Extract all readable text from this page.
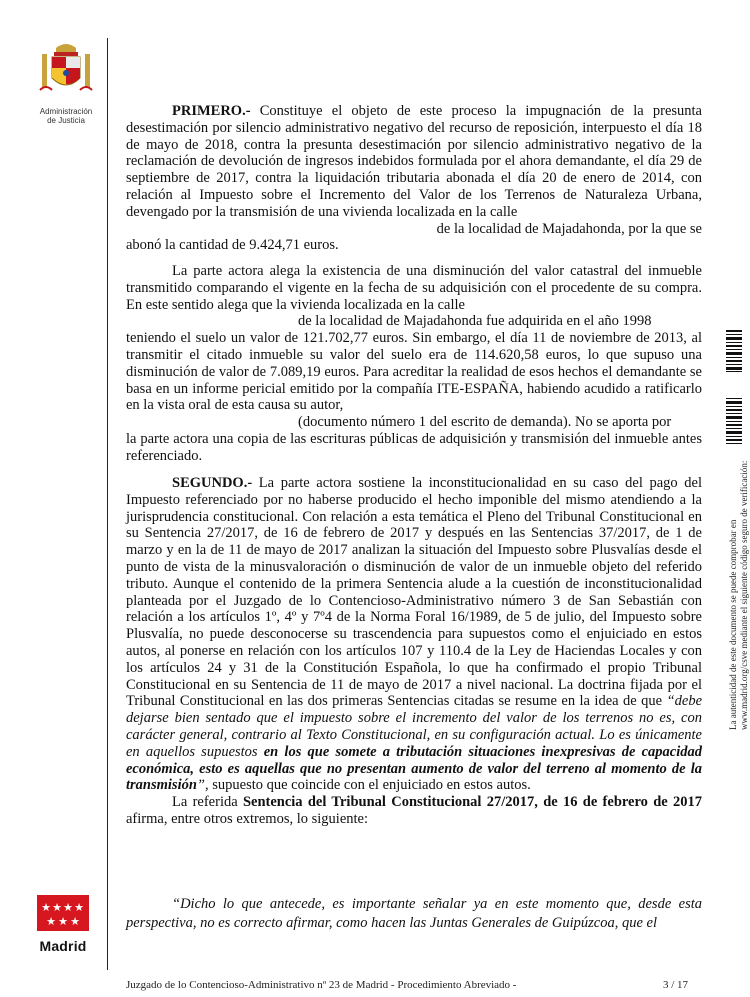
Administración
de Justicia
★ ★ ★ ★
★ ★ ★
Madrid

PRIMERO.- Constituye el objeto de este proceso la impugnación de la presunta desestimación por silencio administrativo negativo del recurso de reposición, interpuesto el día 18 de mayo de 2018, contra la presunta desestimación por silencio administrativo negativo de la reclamación de devolución de ingresos indebidos formulada por el ahora demandante, el día 29 de septiembre de 2017, contra la liquidación tributaria abonada el día 20 de enero de 2014, con relación al Impuesto sobre el Incremento del Valor de los Terrenos de Naturaleza Urbana, devengado por la transmisión de una vivienda localizada en la calle

de la localidad de Majadahonda, por la que se

abonó la cantidad de 9.424,71 euros.

La parte actora alega la existencia de una disminución del valor catastral del inmueble transmitido comparando el vigente en la fecha de su adquisición con el procedente de su compra. En este sentido alega que la vivienda localizada en la calle

de la localidad de Majadahonda fue adquirida en el año 1998

teniendo el suelo un valor de 121.702,77 euros. Sin embargo, el día 11 de noviembre de 2013, al transmitir el citado inmueble su valor del suelo era de 114.620,58 euros, lo que supuso una disminución de valor de 7.089,19 euros. Para acreditar la realidad de esos hechos el demandante se basa en un informe pericial emitido por la compañía ITE-ESPAÑA, habiendo acudido a ratificarlo en la vista oral de esta causa su autor,

(documento número 1 del escrito de demanda). No se aporta por

la parte actora una copia de las escrituras públicas de adquisición y transmisión del inmueble antes referenciado.

SEGUNDO.- La parte actora sostiene la inconstitucionalidad en su caso del pago del Impuesto referenciado por no haberse producido el hecho imponible del mismo atendiendo a la jurisprudencia constitucional. Con relación a esta temática el Pleno del Tribunal Constitucional en su Sentencia 27/2017, de 16 de febrero de 2017 y después en las Sentencias 37/2017, de 1 de marzo y en la de 11 de mayo de 2017 analizan la situación del Impuesto sobre Plusvalías desde el punto de vista de la minusvaloración o disminución de valor de un inmueble objeto del referido tributo. Aunque el contenido de la primera Sentencia alude a la cuestión de inconstitucionalidad planteada por el Juzgado de lo Contencioso-Administrativo número 3 de San Sebastián con relación a los artículos 1º, 4º y 7º4 de la Norma Foral 16/1989, de 5 de julio, del Impuesto sobre Plusvalía, no puede desconocerse su trascendencia para supuestos como el enjuiciado en estos autos, al ponerse en relación con los artículos 107 y 110.4 de la Ley de Haciendas Locales y con los artículos 24 y 31 de la Constitución Española, lo que ha confirmado el propio Tribunal Constitucional en su Sentencia de 11 de mayo de 2017 a nivel nacional. La doctrina fijada por el Tribunal Constitucional en las dos primeras Sentencias citadas se resume en la idea de que “debe dejarse bien sentado que el impuesto sobre el incremento del valor de los terrenos no es, con carácter general, contrario al Texto Constitucional, en su configuración actual. Lo es únicamente en aquellos supuestos en los que somete a tributación situaciones inexpresivas de capacidad económica, esto es aquellas que no presentan aumento de valor del terreno al momento de la transmisión”, supuesto que coincide con el enjuiciado en estos autos.

La referida Sentencia del Tribunal Constitucional 27/2017, de 16 de febrero de 2017 afirma, entre otros extremos, lo siguiente:

“Dicho lo que antecede, es importante señalar ya en este momento que, desde esta perspectiva, no es correcto afirmar, como hacen las Juntas Generales de Guipúzcoa, que el

La autenticidad de este documento se puede comprobar en www.madrid.org/csve mediante el siguiente código seguro de verificación:
Juzgado de lo Contencioso-Administrativo nº 23 de Madrid - Procedimiento Abreviado -	3 / 17
